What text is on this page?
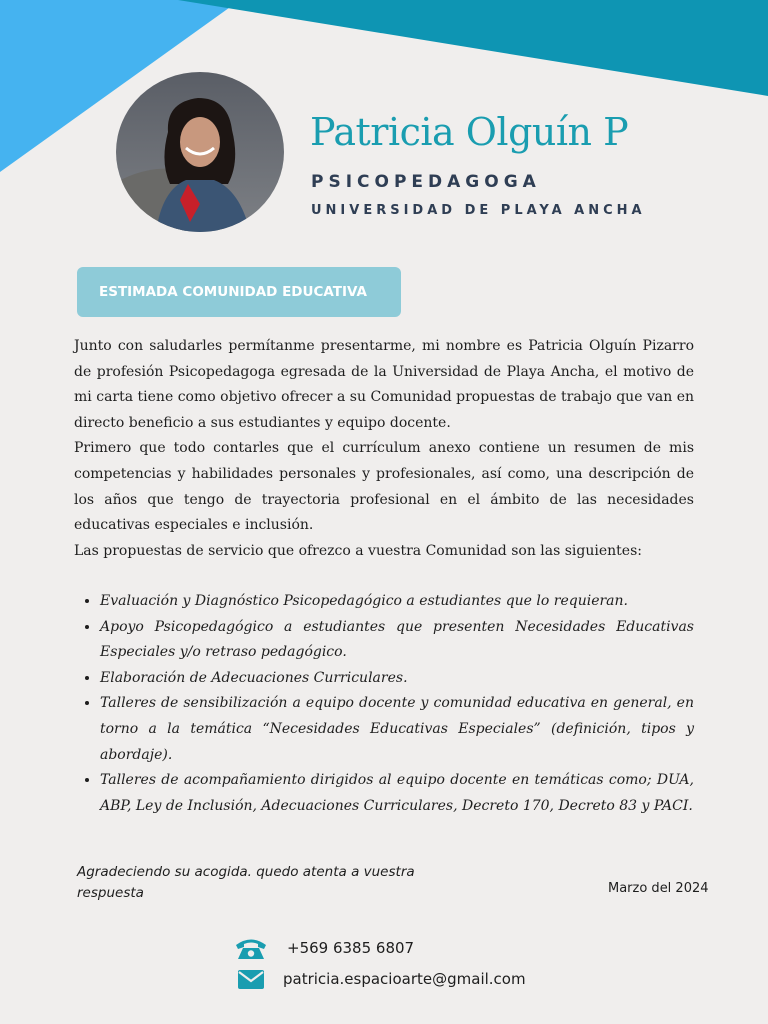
Patricia Olguín P
PSICOPEDAGOGA
UNIVERSIDAD DE PLAYA ANCHA
ESTIMADA COMUNIDAD EDUCATIVA

Junto con saludarles permítanme presentarme, mi nombre es Patricia Olguín Pizarro de profesión Psicopedagoga egresada de la Universidad de Playa Ancha, el motivo de mi carta tiene como objetivo ofrecer a su Comunidad propuestas de trabajo que van en directo beneficio a sus estudiantes y equipo docente.

Primero que todo contarles que el currículum anexo contiene un resumen de mis competencias y habilidades personales y profesionales, así como, una descripción de los años que tengo de trayectoria profesional en el ámbito de las necesidades educativas especiales e inclusión.

Las propuestas de servicio que ofrezco a vuestra Comunidad son las siguientes:

• Evaluación y Diagnóstico Psicopedagógico a estudiantes que lo requieran.
• Apoyo Psicopedagógico a estudiantes que presenten Necesidades Educativas Especiales y/o retraso pedagógico.
• Elaboración de Adecuaciones Curriculares.
• Talleres de sensibilización a equipo docente y comunidad educativa en general, en torno a la temática “Necesidades Educativas Especiales” (definición, tipos y abordaje).
• Talleres de acompañamiento dirigidos al equipo docente en temáticas como; DUA, ABP, Ley de Inclusión, Adecuaciones Curriculares, Decreto 170, Decreto 83 y PACI.
Agradeciendo su acogida. quedo atenta a vuestra respuesta	Marzo del 2024
+569 6385 6807
patricia.espacioarte@gmail.com
